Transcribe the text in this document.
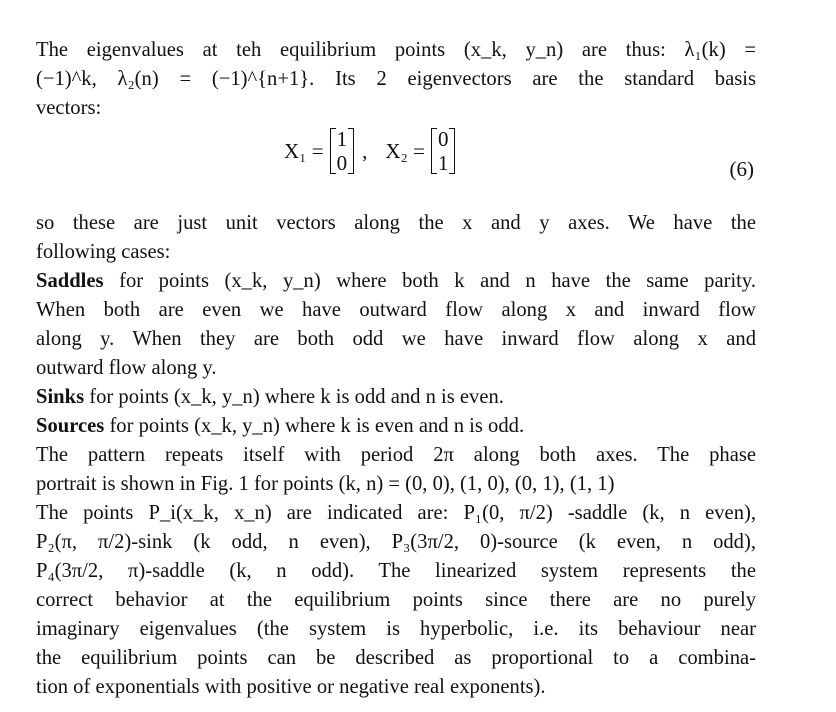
The eigenvalues at teh equilibrium points (x_k, y_n) are thus: λ₁(k) =
(−1)^k, λ₂(n) = (−1)^{n+1}. Its 2 eigenvectors are the standard basis
vectors:
X₁ = 1
0
, X₂ = 0
1	(6)
so these are just unit vectors along the x and y axes. We have the
following cases:
Saddles for points (x_k, y_n) where both k and n have the same parity.
When both are even we have outward flow along x and inward flow
along y. When they are both odd we have inward flow along x and
outward flow along y.
Sinks for points (x_k, y_n) where k is odd and n is even.
Sources for points (x_k, y_n) where k is even and n is odd.
The pattern repeats itself with period 2π along both axes. The phase
portrait is shown in Fig. 1 for points (k, n) = (0, 0), (1, 0), (0, 1), (1, 1)
The points P_i(x_k, x_n) are indicated are: P₁(0, π/2) -saddle (k, n even),
P₂(π, π/2)-sink (k odd, n even), P₃(3π/2, 0)-source (k even, n odd),
P₄(3π/2, π)-saddle (k, n odd). The linearized system represents the
correct behavior at the equilibrium points since there are no purely
imaginary eigenvalues (the system is hyperbolic, i.e. its behaviour near
the equilibrium points can be described as proportional to a combina-
tion of exponentials with positive or negative real exponents).
